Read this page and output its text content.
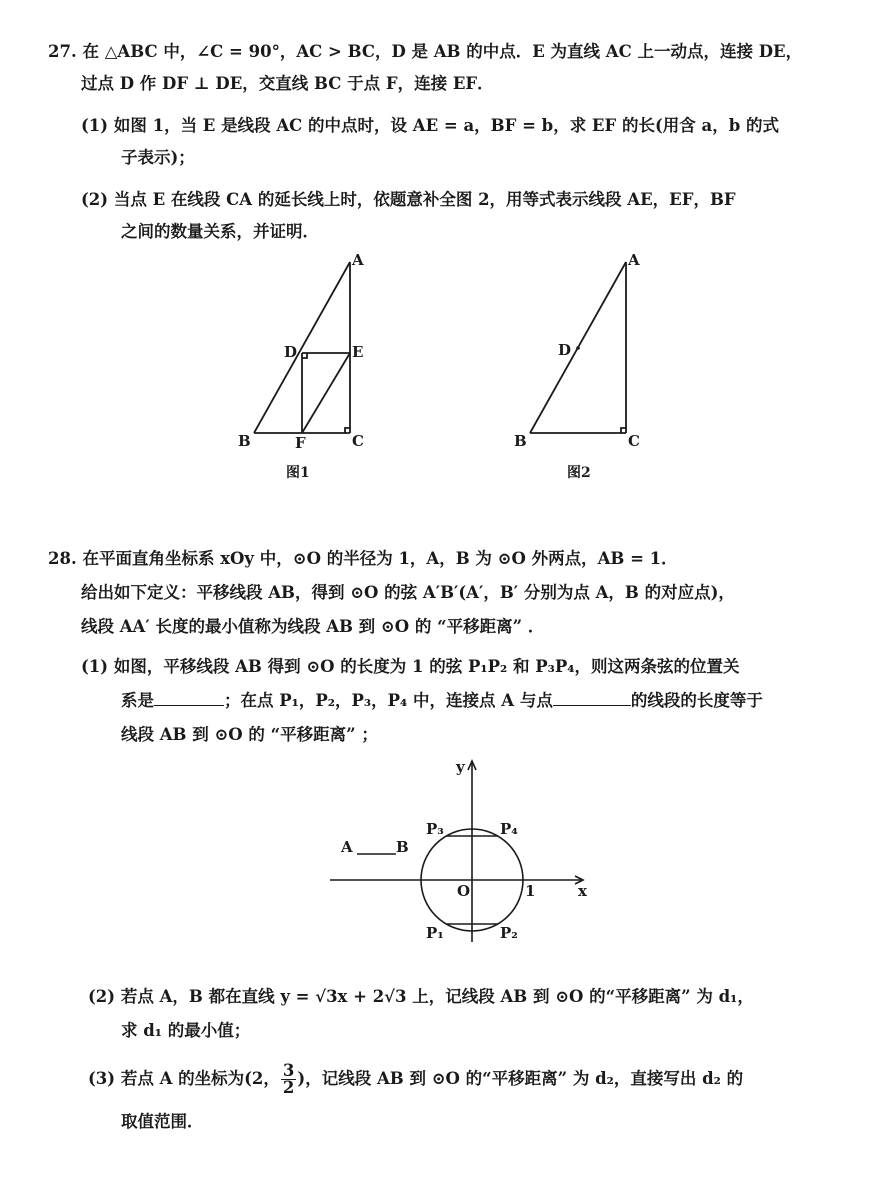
27. 在 △ABC 中，∠C = 90°，AC > BC，D 是 AB 的中点．E 为直线 AC 上一动点，连接 DE，
过点 D 作 DF ⊥ DE，交直线 BC 于点 F，连接 EF．
(1) 如图 1，当 E 是线段 AC 的中点时，设 AE = a，BF = b，求 EF 的长(用含 a，b 的式
子表示)；
(2) 当点 E 在线段 CA 的延长线上时，依题意补全图 2，用等式表示线段 AE，EF，BF
之间的数量关系，并证明．
A
D	E
B	F	C
图1
A
D
B	C
图2
28. 在平面直角坐标系 xOy 中，⊙O 的半径为 1，A，B 为 ⊙O 外两点，AB = 1．
给出如下定义：平移线段 AB，得到 ⊙O 的弦 A′B′(A′，B′ 分别为点 A，B 的对应点)，
线段 AA′ 长度的最小值称为线段 AB 到 ⊙O 的 “平移距离” ．
(1) 如图，平移线段 AB 得到 ⊙O 的长度为 1 的弦 P₁P₂ 和 P₃P₄，则这两条弦的位置关
系是	；在点 P₁，P₂，P₃，P₄ 中，连接点 A 与点	的线段的长度等于
线段 AB 到 ⊙O 的 “平移距离” ；
y
x
O	1
A	B
P₃	P₄
P₁	P₂
(2) 若点 A，B 都在直线 y = √3x + 2√3 上，记线段 AB 到 ⊙O 的“平移距离” 为 d₁，
求 d₁ 的最小值；
(3) 若点 A 的坐标为(2， $\frac{3}{2}$ )，记线段 AB 到 ⊙O 的“平移距离” 为 d₂，直接写出 d₂ 的
取值范围．
